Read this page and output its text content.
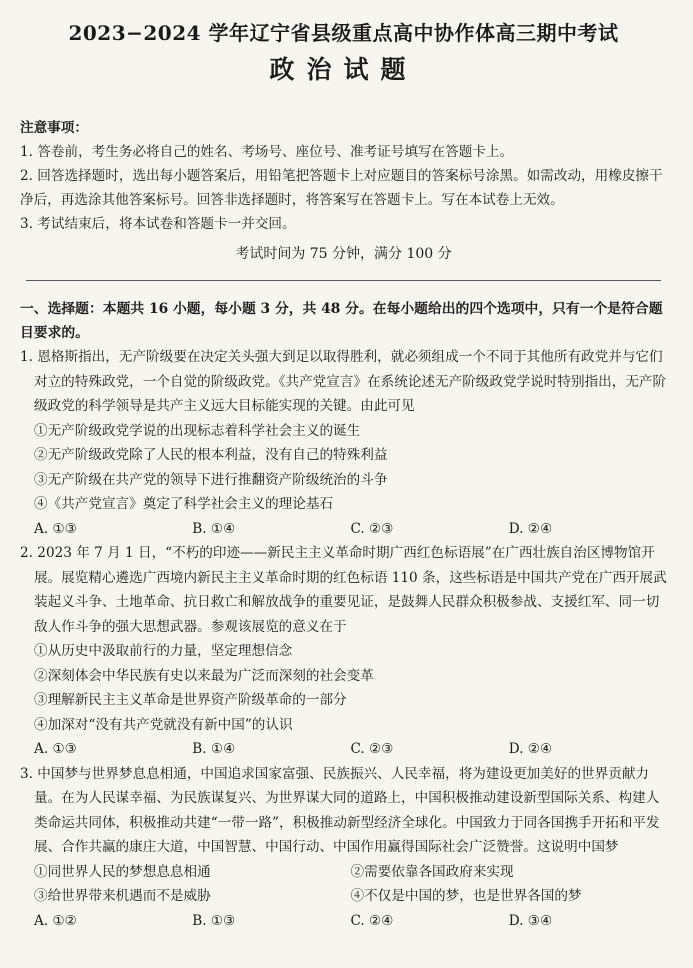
2023−2024 学年辽宁省县级重点高中协作体高三期中考试
政治试题
注意事项：
1. 答卷前，考生务必将自己的姓名、考场号、座位号、准考证号填写在答题卡上。
2. 回答选择题时，选出每小题答案后，用铅笔把答题卡上对应题目的答案标号涂黑。如需改动，用橡皮擦干净后，再选涂其他答案标号。回答非选择题时，将答案写在答题卡上。写在本试卷上无效。
3. 考试结束后，将本试卷和答题卡一并交回。
考试时间为 75 分钟，满分 100 分
一、选择题：本题共 16 小题，每小题 3 分，共 48 分。在每小题给出的四个选项中，只有一个是符合题目要求的。
1. 恩格斯指出，无产阶级要在决定关头强大到足以取得胜利，就必须组成一个不同于其他所有政党并与它们对立的特殊政党，一个自觉的阶级政党。《共产党宣言》在系统论述无产阶级政党学说时特别指出，无产阶级政党的科学领导是共产主义远大目标能实现的关键。由此可见
①无产阶级政党学说的出现标志着科学社会主义的诞生
②无产阶级政党除了人民的根本利益，没有自己的特殊利益
③无产阶级在共产党的领导下进行推翻资产阶级统治的斗争
④《共产党宣言》奠定了科学社会主义的理论基石
A. ①③	B. ①④	C. ②③	D. ②④
2. 2023 年 7 月 1 日，“不朽的印迹——新民主主义革命时期广西红色标语展”在广西壮族自治区博物馆开展。展览精心遴选广西境内新民主主义革命时期的红色标语 110 条，这些标语是中国共产党在广西开展武装起义斗争、土地革命、抗日救亡和解放战争的重要见证，是鼓舞人民群众积极参战、支援红军、同一切敌人作斗争的强大思想武器。参观该展览的意义在于
①从历史中汲取前行的力量，坚定理想信念
②深刻体会中华民族有史以来最为广泛而深刻的社会变革
③理解新民主主义革命是世界资产阶级革命的一部分
④加深对“没有共产党就没有新中国”的认识
A. ①③	B. ①④	C. ②③	D. ②④
3. 中国梦与世界梦息息相通，中国追求国家富强、民族振兴、人民幸福，将为建设更加美好的世界贡献力量。在为人民谋幸福、为民族谋复兴、为世界谋大同的道路上，中国积极推动建设新型国际关系、构建人类命运共同体，积极推动共建“一带一路”，积极推动新型经济全球化。中国致力于同各国携手开拓和平发展、合作共赢的康庄大道，中国智慧、中国行动、中国作用赢得国际社会广泛赞誉。这说明中国梦
①同世界人民的梦想息息相通	②需要依靠各国政府来实现
③给世界带来机遇而不是威胁	④不仅是中国的梦，也是世界各国的梦
A. ①②	B. ①③	C. ②④	D. ③④
